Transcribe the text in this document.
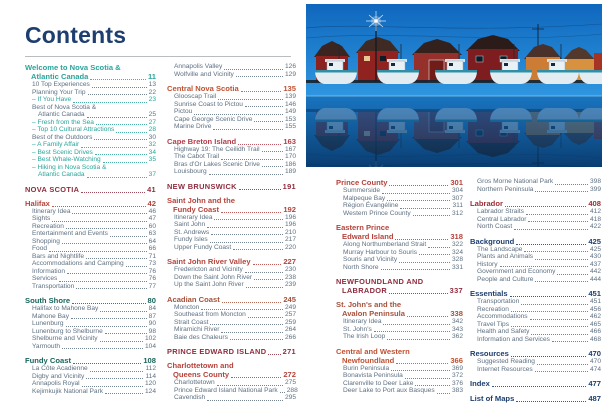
Contents
Welcome to Nova Scotia &
Atlantic Canada	11
10 Top Experiences	13
Planning Your Trip	22
– If You Have	23
Best of Nova Scotia &
Atlantic Canada	25
– Fresh from the Sea	27
– Top 10 Cultural Attractions	28
Best of the Outdoors	30
– A Family Affair	32
– Best Scenic Drives	34
– Best Whale-Watching	35
– Hiking in Nova Scotia &
Atlantic Canada	37
NOVA SCOTIA	41
Halifax	42
Itinerary Idea	46
Sights	47
Recreation	60
Entertainment and Events	63
Shopping	64
Food	66
Bars and Nightlife	71
Accommodations and Camping	73
Information	76
Services	76
Transportation	77
South Shore	80
Halifax to Mahone Bay	84
Mahone Bay	87
Lunenburg	90
Lunenburg to Shelburne	98
Shelburne and Vicinity	102
Yarmouth	104
Fundy Coast	108
La Côte Acadienne	112
Digby and Vicinity	114
Annapolis Royal	120
Kejimkujik National Park	124
Annapolis Valley	126
Wolfville and Vicinity	129
Central Nova Scotia	135
Glooscap Trail	139
Sunrise Coast to Pictou	146
Pictou	149
Cape George Scenic Drive	153
Marine Drive	155
Cape Breton Island	163
Highway 19: The Ceilidh Trail	167
The Cabot Trail	170
Bras d'Or Lakes Scenic Drive	186
Louisbourg	189
NEW BRUNSWICK	191
Saint John and the
Fundy Coast	192
Itinerary Idea	196
Saint John	196
St. Andrews	210
Fundy Isles	217
Upper Fundy Coast	220
Saint John River Valley	227
Fredericton and Vicinity	230
Down the Saint John River	238
Up the Saint John River	239
Acadian Coast	245
Moncton	249
Southeast from Moncton	257
Strait Coast	259
Miramichi River	264
Baie des Chaleurs	266
PRINCE EDWARD ISLAND 271
Charlottetown and
Queens County	272
Charlottetown	275
Prince Edward Island National Park 288
Cavendish	295
Prince County	301
Summerside	304
Malpeque Bay	307
Région Évangéline	311
Western Prince County	312
Eastern Prince
Edward Island	318
Along Northumberland Strait	322
Murray Harbour to Souris	324
Souris and Vicinity	328
North Shore	331
NEWFOUNDLAND AND
LABRADOR	337
St. John's and the
Avalon Peninsula	338
Itinerary Idea	342
St. John's	343
The Irish Loop	362
Central and Western
Newfoundland	366
Burin Peninsula	369
Bonavista Peninsula	372
Clarenville to Deer Lake	376
Deer Lake to Port aux Basques	383
Gros Morne National Park	398
Northern Peninsula	399
Labrador	408
Labrador Straits	412
Central Labrador	418
North Coast	422
Background	425
The Landscape	425
Plants and Animals	430
History	437
Government and Economy	442
People and Culture	444
Essentials	451
Transportation	451
Recreation	456
Accommodations	462
Travel Tips	465
Health and Safety	466
Information and Services	468
Resources	470
Suggested Reading	470
Internet Resources	474
Index	477
List of Maps	487
